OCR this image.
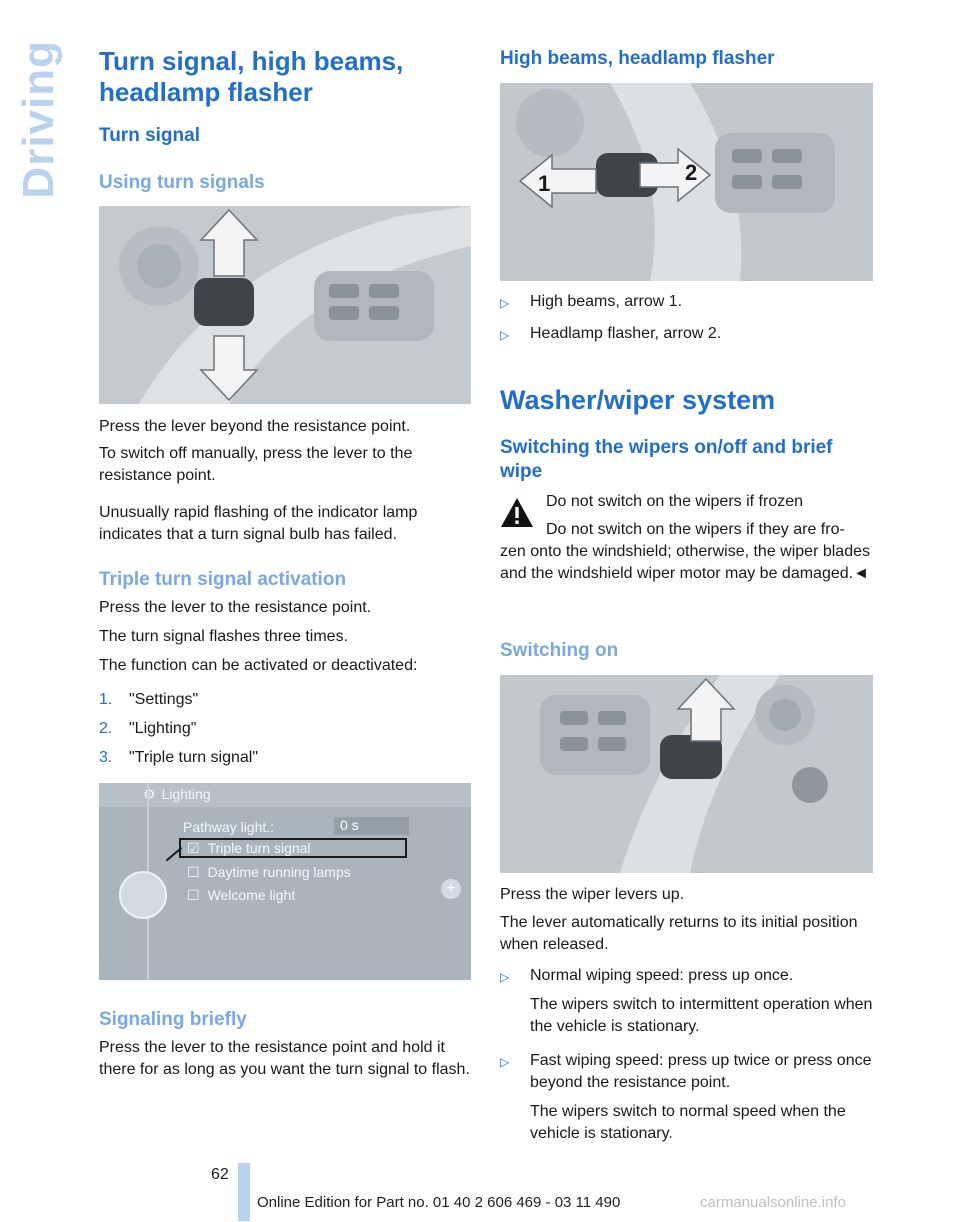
Driving Turn signal, high beams, headlamp flasher
Turn signal
Using turn signals

Press the lever beyond the resistance point.

To switch off manually, press the lever to the resistance point.

Unusually rapid flashing of the indicator lamp indicates that a turn signal bulb has failed.

Triple turn signal activation

Press the lever to the resistance point.

The turn signal flashes three times.

The function can be activated or deactivated:

1.	"Settings"
2.	"Lighting"
3.	"Triple turn signal"
⚙ Lighting
+
Pathway light.:	0 s
☑ Triple turn signal
☐ Daytime running lamps
☐ Welcome light
Signaling briefly

Press the lever to the resistance point and hold it there for as long as you want the turn signal to flash.

High beams, headlamp flasher
1	2
▷	High beams, arrow 1.
▷	Headlamp flasher, arrow 2.
Washer/wiper system
Switching the wipers on/off and brief wipe

Do not switch on the wipers if frozen

Do not switch on the wipers if they are fro-

zen onto the windshield; otherwise, the wiper blades and the windshield wiper motor may be damaged.◄

Switching on

Press the wiper levers up.

The lever automatically returns to its initial position when released.

▷	Normal wiping speed: press up once.
The wipers switch to intermittent operation when the vehicle is stationary.
▷	Fast wiping speed: press up twice or press once beyond the resistance point.
The wipers switch to normal speed when the vehicle is stationary.
62
Online Edition for Part no. 01 40 2 606 469 - 03 11 490	carmanualsonline.info
